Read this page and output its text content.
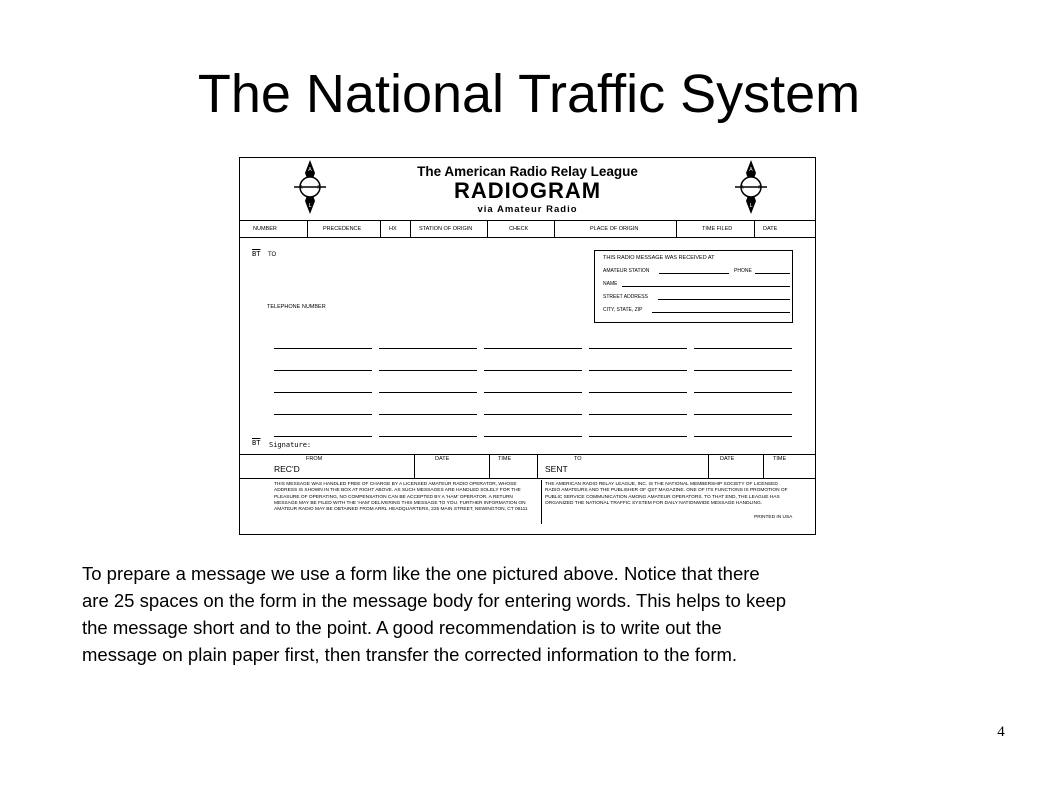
The National Traffic System
A
R	R
L
A
R	R
L
The American Radio Relay League
RADIOGRAM
via Amateur Radio
NUMBER	PRECEDENCE	HX	STATION OF ORIGIN	CHECK	PLACE OF ORIGIN	TIME FILED	DATE
$\overline{BT}$ TO
TELEPHONE NUMBER
THIS RADIO MESSAGE WAS RECEIVED AT
AMATEUR STATION	PHONE
NAME
STREET ADDRESS
CITY, STATE, ZIP
$\overline{BT}$ Signature:
FROM	DATE	TIME	TO	DATE	TIME
REC'D	SENT
THIS MESSAGE WAS HANDLED FREE OF CHARGE BY A LICENSED AMATEUR RADIO OPERATOR, WHOSE ADDRESS IS SHOWN IN THE BOX AT RIGHT ABOVE. AS SUCH MESSAGES ARE HANDLED SOLELY FOR THE PLEASURE OF OPERATING, NO COMPENSATION CAN BE ACCEPTED BY A 'HAM' OPERATOR. A RETURN MESSAGE MAY BE FILED WITH THE 'HAM' DELIVERING THIS MESSAGE TO YOU. FURTHER INFORMATION ON AMATEUR RADIO MAY BE OBTAINED FROM ARRL HEADQUARTERS, 225 MAIN STREET, NEWINGTON, CT 06111
THE AMERICAN RADIO RELAY LEAGUE, INC. IS THE NATIONAL MEMBERSHIP SOCIETY OF LICENSED RADIO AMATEURS AND THE PUBLISHER OF QST MAGAZINE. ONE OF ITS FUNCTIONS IS PROMOTION OF PUBLIC SERVICE COMMUNICATION AMONG AMATEUR OPERATORS. TO THAT END, THE LEAGUE HAS ORGANIZED THE NATIONAL TRAFFIC SYSTEM FOR DAILY NATIONWIDE MESSAGE HANDLING.
PRINTED IN USA
To prepare a message we use a form like the one pictured above. Notice that there
are 25 spaces on the form in the message body for entering words. This helps to keep
the message short and to the point. A good recommendation is to write out the
message on plain paper first, then transfer the corrected information to the form.
4
